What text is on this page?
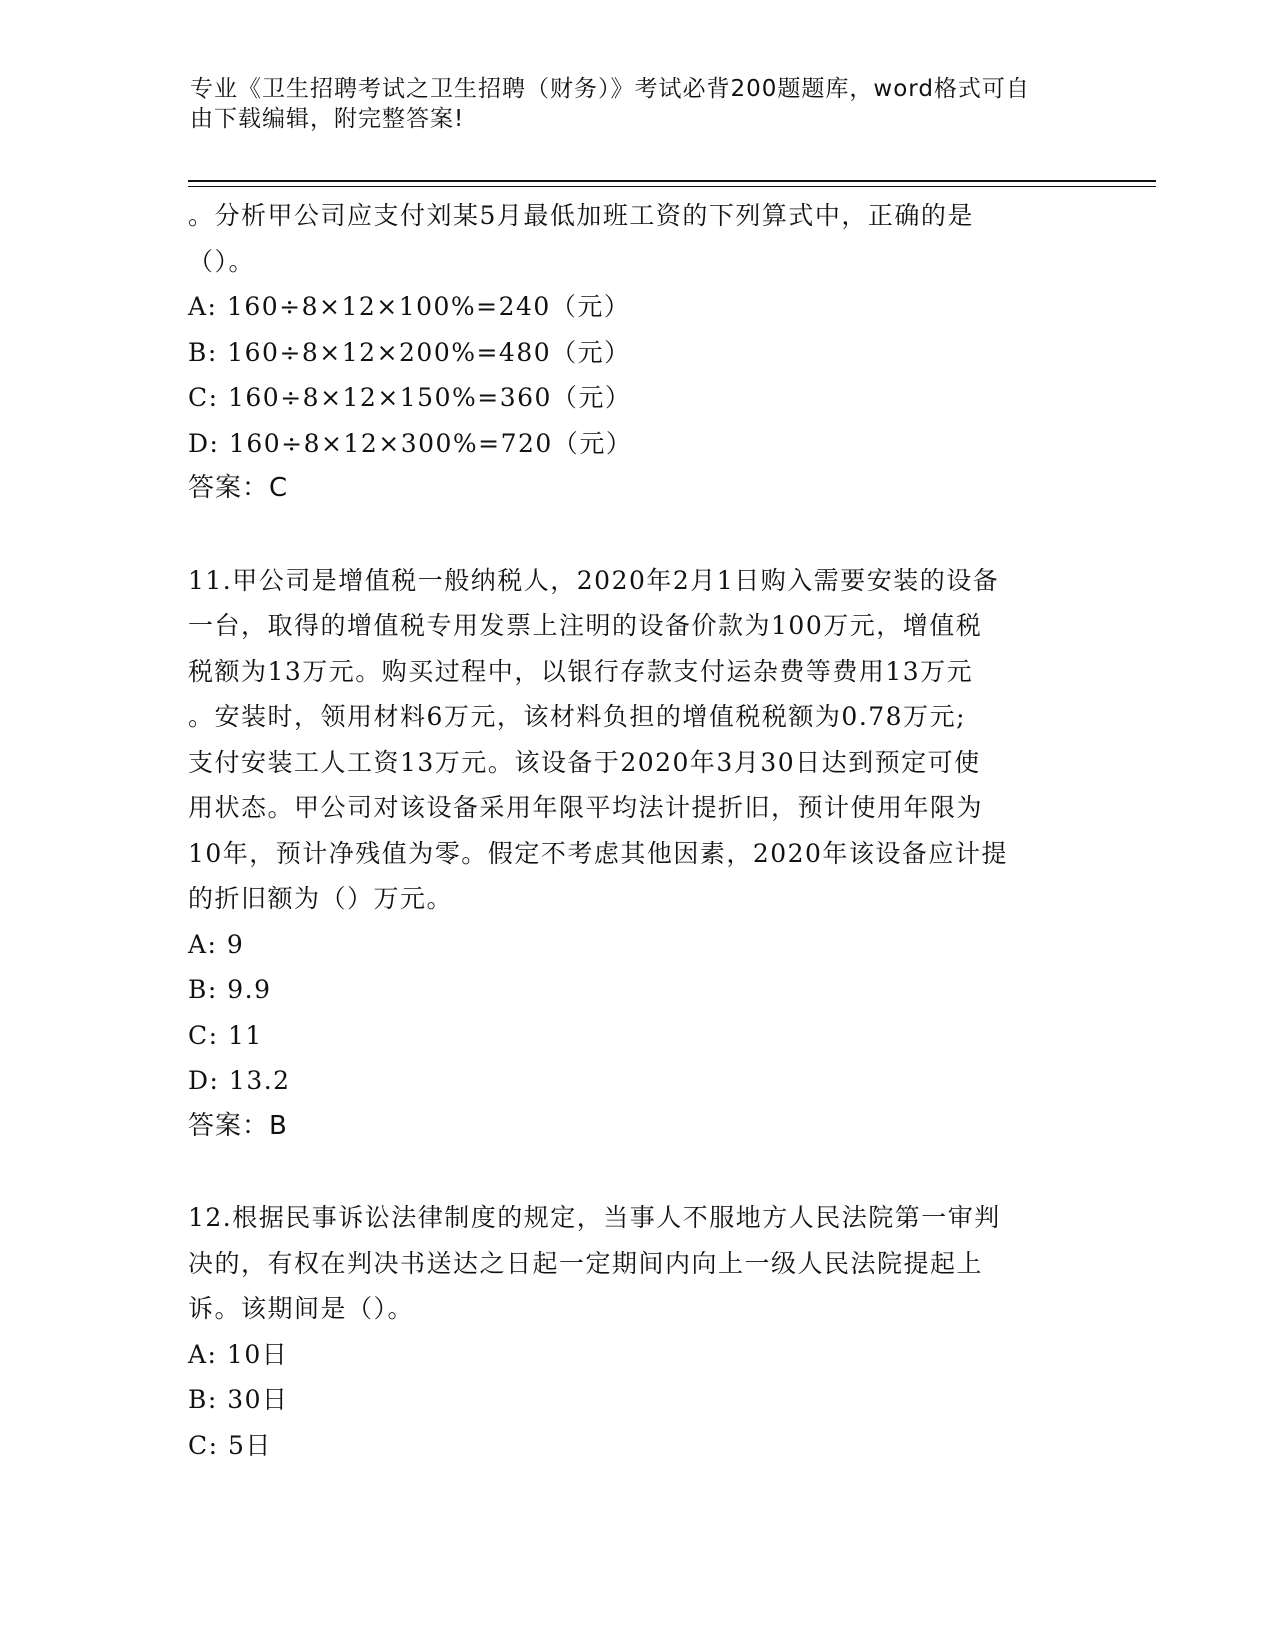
专业《卫生招聘考试之卫生招聘（财务）》考试必背200题题库，word格式可自
由下载编辑，附完整答案!

。分析甲公司应支付刘某5月最低加班工资的下列算式中，正确的是

（）。

A: 160÷8×12×100%=240（元）

B: 160÷8×12×200%=480（元）

C: 160÷8×12×150%=360（元）

D: 160÷8×12×300%=720（元）

答案：C

11.甲公司是增值税一般纳税人，2020年2月1日购入需要安装的设备

一台，取得的增值税专用发票上注明的设备价款为100万元，增值税

税额为13万元。购买过程中，以银行存款支付运杂费等费用13万元

。安装时，领用材料6万元，该材料负担的增值税税额为0.78万元;

支付安装工人工资13万元。该设备于2020年3月30日达到预定可使

用状态。甲公司对该设备采用年限平均法计提折旧，预计使用年限为

10年，预计净残值为零。假定不考虑其他因素，2020年该设备应计提

的折旧额为（）万元。

A: 9

B: 9.9

C: 11

D: 13.2

答案：B

12.根据民事诉讼法律制度的规定，当事人不服地方人民法院第一审判

决的，有权在判决书送达之日起一定期间内向上一级人民法院提起上

诉。该期间是（）。

A: 10日

B: 30日

C: 5日
